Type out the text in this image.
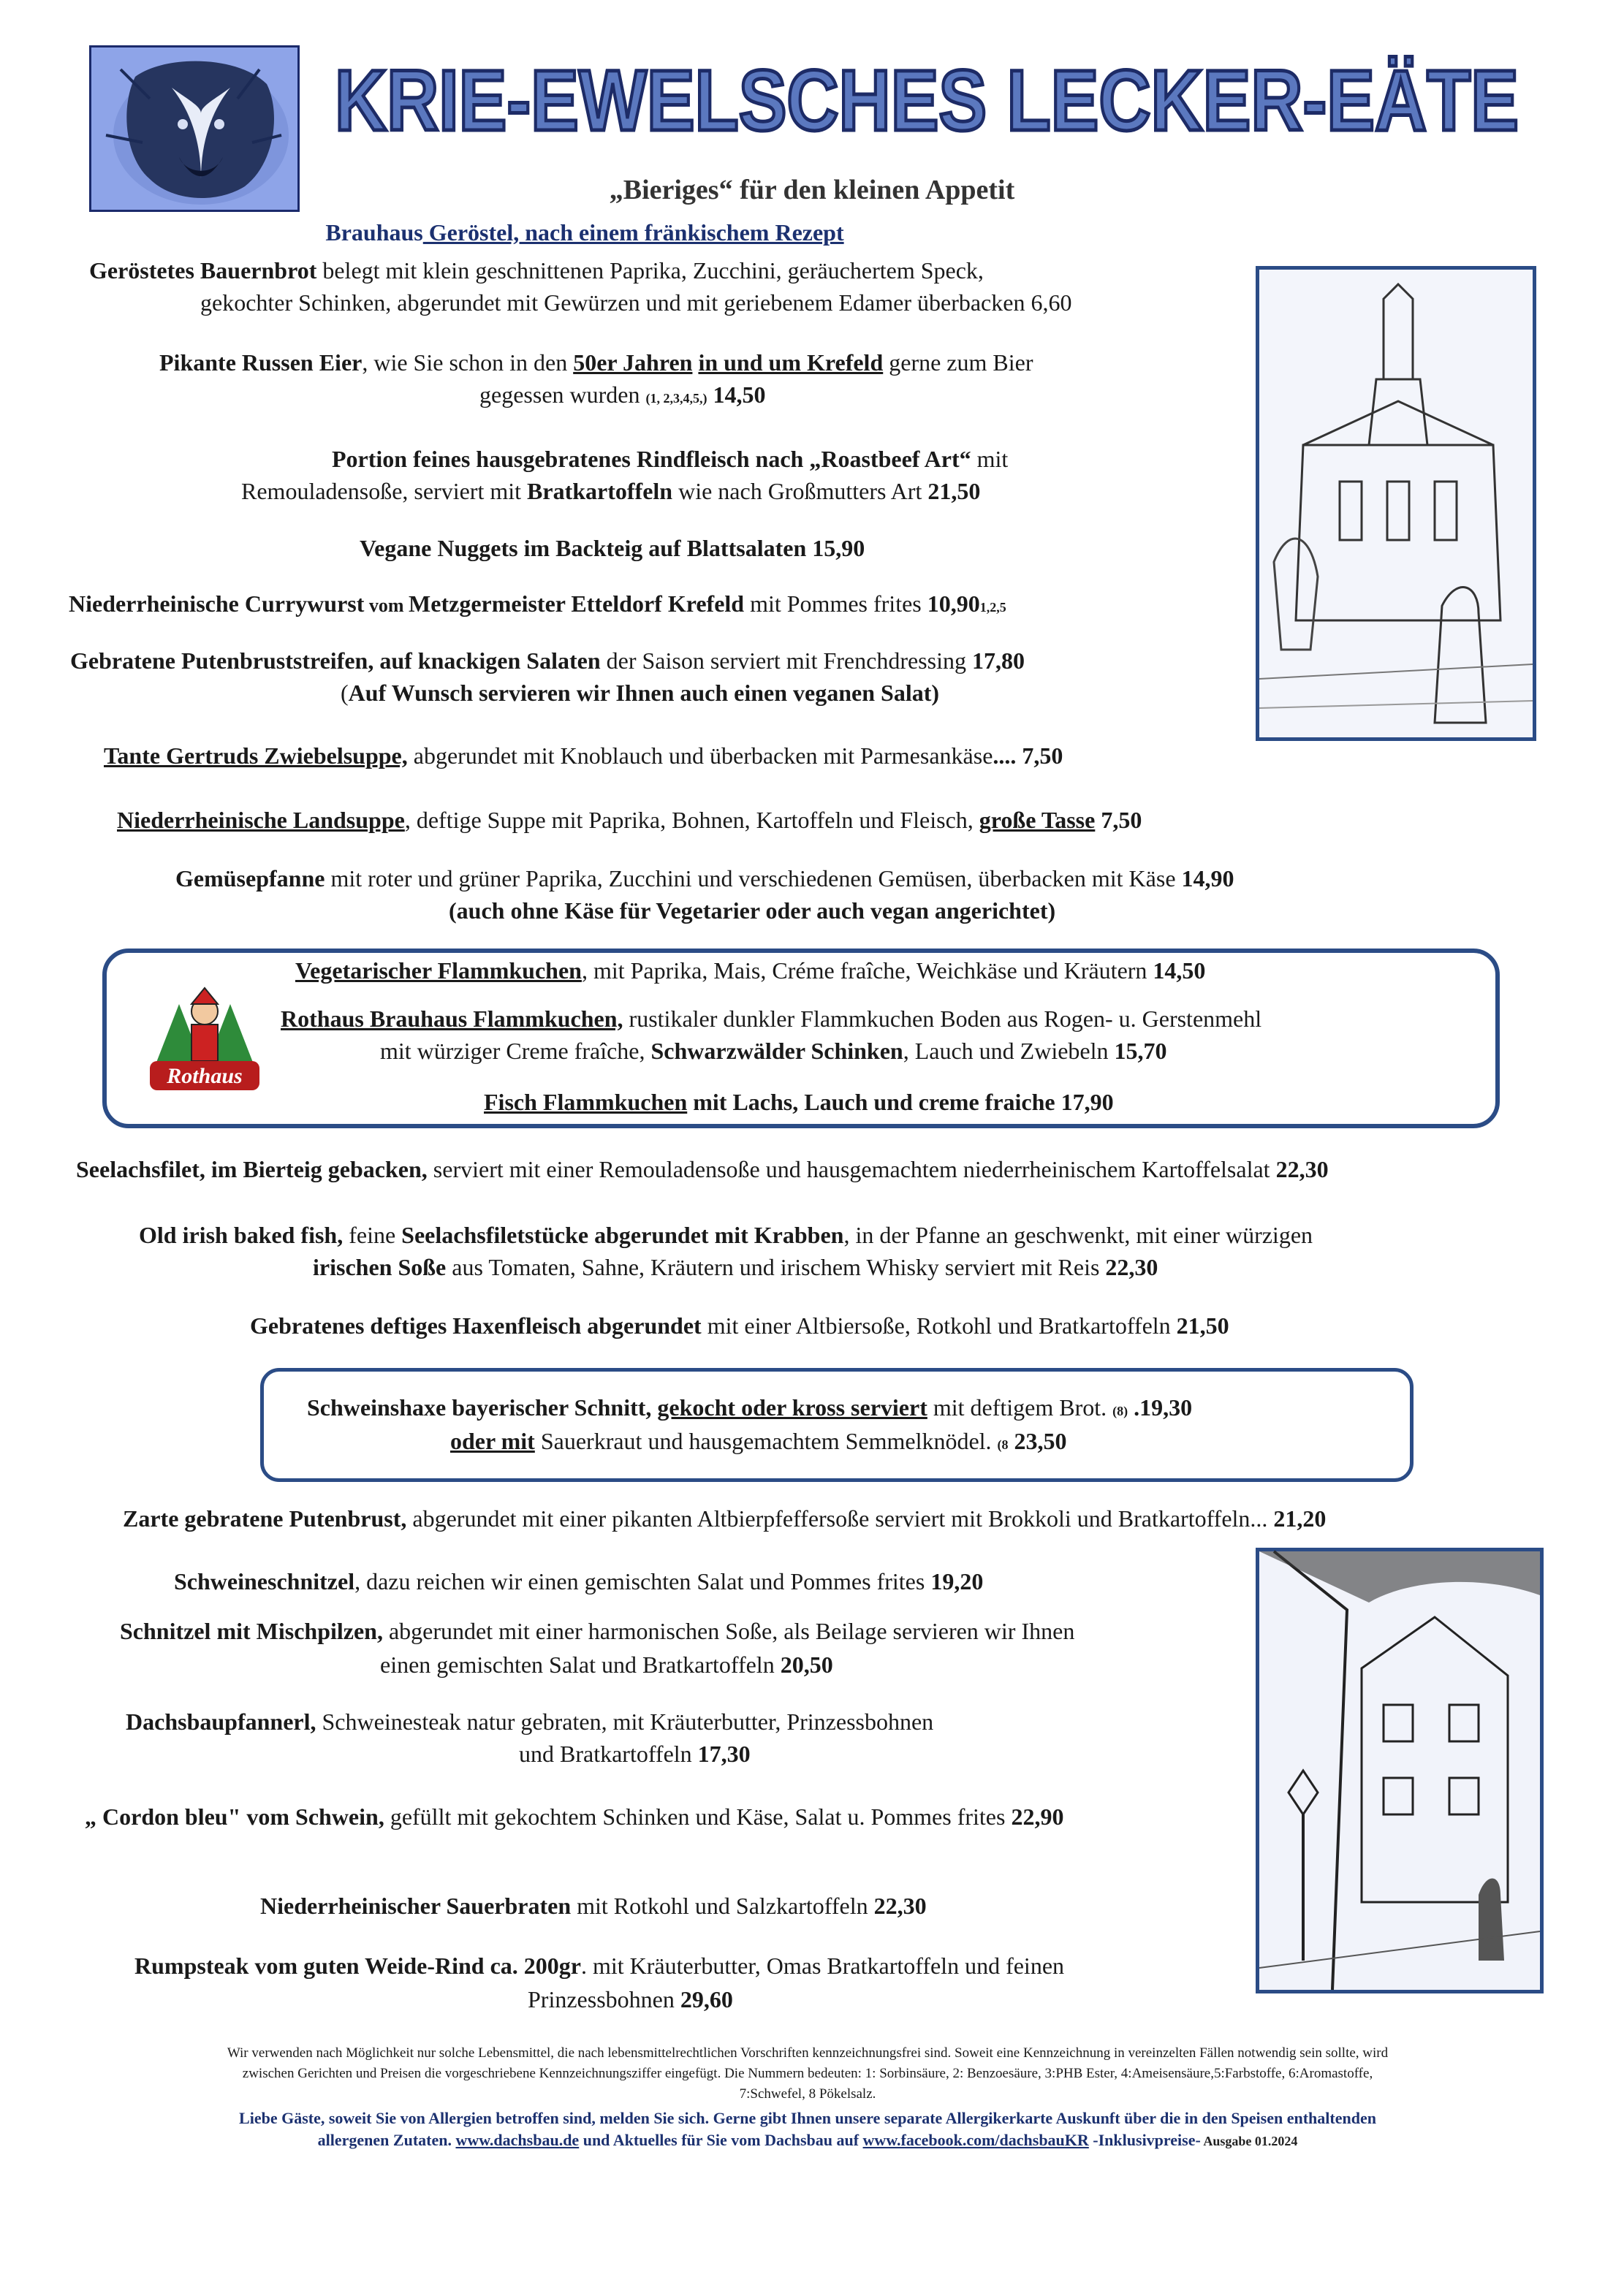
KRIE-EWELSCHES LECKER-EÄTE
„Bieriges“ für den kleinen Appetit
Brauhaus Geröstel, nach einem fränkischem Rezept
Geröstetes Bauernbrot belegt mit klein geschnittenen Paprika, Zucchini, geräuchertem Speck,
gekochter Schinken, abgerundet mit Gewürzen und mit geriebenem Edamer überbacken 6,60
Pikante Russen Eier, wie Sie schon in den 50er Jahren in und um Krefeld gerne zum Bier
gegessen wurden (1, 2,3,4,5,) 14,50
Portion feines hausgebratenes Rindfleisch nach „Roastbeef Art“ mit
Remouladensoße, serviert mit Bratkartoffeln wie nach Großmutters Art 21,50
Vegane Nuggets im Backteig auf Blattsalaten 15,90
Niederrheinische Currywurst vom Metzgermeister Etteldorf Krefeld mit Pommes frites 10,901,2,5
Gebratene Putenbruststreifen, auf knackigen Salaten der Saison serviert mit Frenchdressing 17,80
(Auf Wunsch servieren wir Ihnen auch einen veganen Salat)
Tante Gertruds Zwiebelsuppe, abgerundet mit Knoblauch und überbacken mit Parmesankäse.... 7,50
Niederrheinische Landsuppe, deftige Suppe mit Paprika, Bohnen, Kartoffeln und Fleisch, große Tasse 7,50
Gemüsepfanne mit roter und grüner Paprika, Zucchini und verschiedenen Gemüsen, überbacken mit Käse 14,90
(auch ohne Käse für Vegetarier oder auch vegan angerichtet)
Rothaus
Vegetarischer Flammkuchen, mit Paprika, Mais, Créme fraîche, Weichkäse und Kräutern 14,50
Rothaus Brauhaus Flammkuchen, rustikaler dunkler Flammkuchen Boden aus Rogen- u. Gerstenmehl
mit würziger Creme fraîche, Schwarzwälder Schinken, Lauch und Zwiebeln 15,70
Fisch Flammkuchen mit Lachs, Lauch und creme fraiche 17,90
Seelachsfilet, im Bierteig gebacken, serviert mit einer Remouladensoße und hausgemachtem niederrheinischem Kartoffelsalat 22,30
Old irish baked fish, feine Seelachsfiletstücke abgerundet mit Krabben, in der Pfanne an geschwenkt, mit einer würzigen
irischen Soße aus Tomaten, Sahne, Kräutern und irischem Whisky serviert mit Reis 22,30
Gebratenes deftiges Haxenfleisch abgerundet mit einer Altbiersoße, Rotkohl und Bratkartoffeln 21,50
Schweinshaxe bayerischer Schnitt, gekocht oder kross serviert mit deftigem Brot. (8) .19,30
oder mit Sauerkraut und hausgemachtem Semmelknödel. (8 23,50
Zarte gebratene Putenbrust, abgerundet mit einer pikanten Altbierpfeffersoße serviert mit Brokkoli und Bratkartoffeln... 21,20
Schweineschnitzel, dazu reichen wir einen gemischten Salat und Pommes frites 19,20
Schnitzel mit Mischpilzen, abgerundet mit einer harmonischen Soße, als Beilage servieren wir Ihnen
einen gemischten Salat und Bratkartoffeln 20,50
Dachsbaupfannerl, Schweinesteak natur gebraten, mit Kräuterbutter, Prinzessbohnen
und Bratkartoffeln 17,30
„ Cordon bleu" vom Schwein, gefüllt mit gekochtem Schinken und Käse, Salat u. Pommes frites 22,90
Niederrheinischer Sauerbraten mit Rotkohl und Salzkartoffeln 22,30
Rumpsteak vom guten Weide-Rind ca. 200gr. mit Kräuterbutter, Omas Bratkartoffeln und feinen
Prinzessbohnen 29,60
Wir verwenden nach Möglichkeit nur solche Lebensmittel, die nach lebensmittelrechtlichen Vorschriften kennzeichnungsfrei sind. Soweit eine Kennzeichnung in vereinzelten Fällen notwendig sein sollte, wird
zwischen Gerichten und Preisen die vorgeschriebene Kennzeichnungsziffer eingefügt. Die Nummern bedeuten: 1: Sorbinsäure, 2: Benzoesäure, 3:PHB Ester, 4:Ameisensäure,5:Farbstoffe, 6:Aromastoffe,
7:Schwefel, 8 Pökelsalz.
Liebe Gäste, soweit Sie von Allergien betroffen sind, melden Sie sich. Gerne gibt Ihnen unsere separate Allergikerkarte Auskunft über die in den Speisen enthaltenden
allergenen Zutaten. www.dachsbau.de und Aktuelles für Sie vom Dachsbau auf www.facebook.com/dachsbauKR -Inklusivpreise- Ausgabe 01.2024
